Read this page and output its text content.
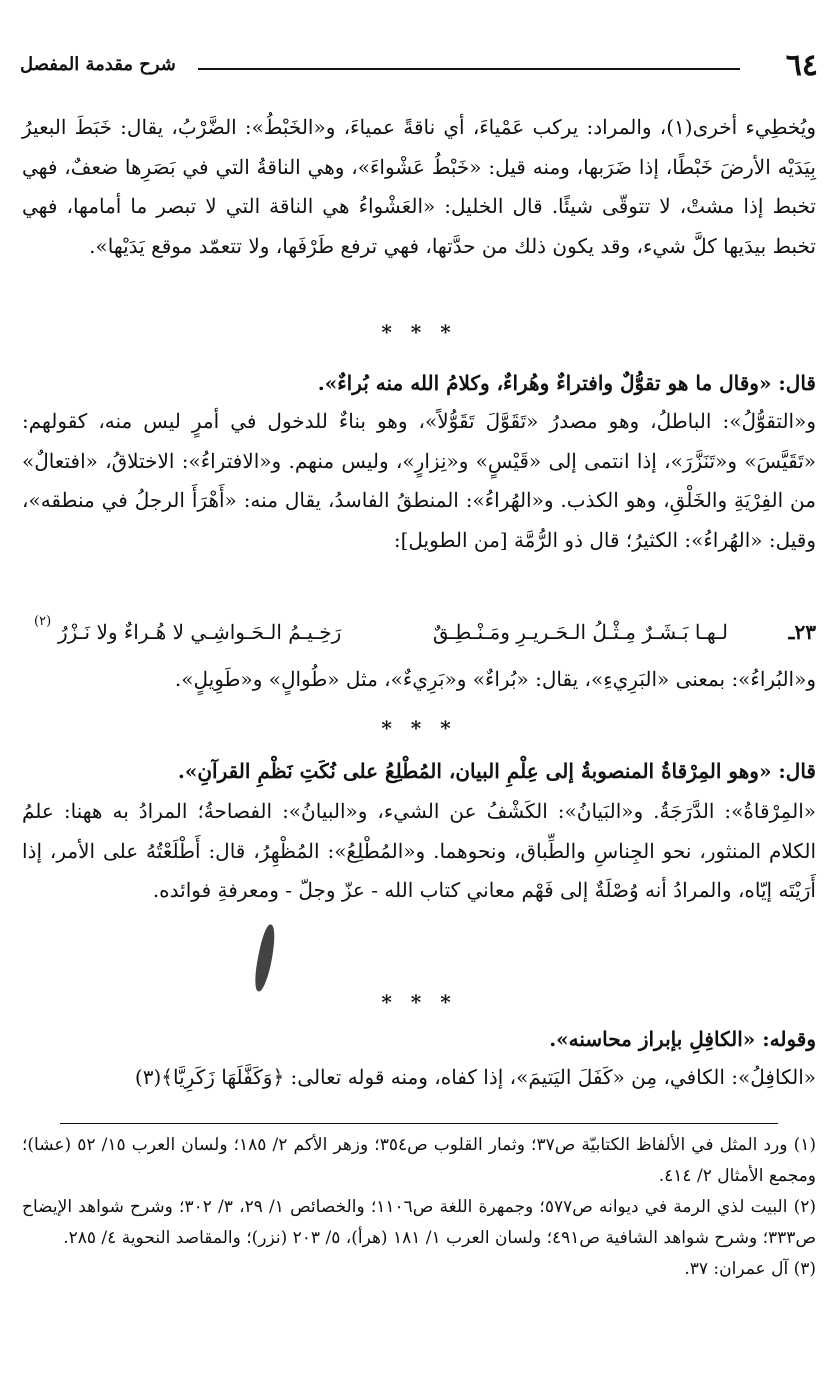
٦٤
شرح مقدمة المفصل

ويُخطِيء أخرى(١)، والمراد: يركب عَمْياءَ، أي ناقةً عمياءَ، و«الخَبْطُ»: الضَّرْبُ، يقال: خَبَطَ البعيرُ بِيَدَيْه الأرضَ خَبْطًا، إذا ضَرَبها، ومنه قيل: «خَبْطُ عَشْواءَ»، وهي الناقةُ التي في بَصَرِها ضعفٌ، فهي تخبط إذا مشتْ، لا تتوقّى شيئًا. قال الخليل: «العَشْواءُ هي الناقة التي لا تبصر ما أمامها، فهي تخبط بيدَيها كلَّ شيء، وقد يكون ذلك من حدَّتها، فهي ترفع طَرْفَها، ولا تتعمّد موقع يَدَيْها».

* * *

قال: «وقال ما هو تقوُّلٌ وافتراءٌ وهُراءٌ، وكلامُ الله منه بُراءٌ».

و«التقوُّلُ»: الباطلُ، وهو مصدرُ «تَقَوَّلَ تَقَوُّلاً»، وهو بناءٌ للدخول في أمرٍ ليس منه، كقولهم: «تَقَيَّسَ» و«تَنَزَّرَ»، إذا انتمى إلى «قَيْسٍ» و«نِزارٍ»، وليس منهم. و«الافتراءُ»: الاختلاقُ، «افتعالٌ» من الفِرْيَةِ والخَلْقِ، وهو الكذب. و«الهُراءُ»: المنطقُ الفاسدُ، يقال منه: «أَهْرَأَ الرجلُ في منطقه»، وقيل: «الهُراءُ»: الكثيرُ؛ قال ذو الرُّمَّة [من الطويل]:

٢٣ـ
لـهـا بَـشَـرٌ مِـثْـلُ الـحَـريـرِ ومَـنْـطِـقٌ
رَخِـيـمُ الـحَـواشِـي لا هُـراءٌ ولا نَـزْرُ
(٢)

و«البُراءُ»: بمعنى «البَرِيءِ»، يقال: «بُراءٌ» و«بَرِيءٌ»، مثل «طُوالٍ» و«طَوِيلٍ».

* * *

قال: «وهو المِرْقاةُ المنصوبةُ إلى عِلْمِ البيان، المُطْلِعُ على نُكَتِ نَظْمِ القرآنِ».

«المِرْقاةُ»: الدَّرَجَةُ. و«البَيانُ»: الكَشْفُ عن الشيء، و«البيانُ»: الفصاحةُ؛ المرادُ به ههنا: علمُ الكلام المنثور، نحو الجِناسِ والطِّباق، ونحوهما. و«المُطْلِعُ»: المُظْهِرُ، قال: أَطْلَعْتُهُ على الأمر، إذا أَرَيْتَه إيّاه، والمرادُ أنه وُصْلَةٌ إلى فَهْم معاني كتاب الله - عزّ وجلّ - ومعرفةِ فوائده.

* * *

وقوله: «الكافِلِ بإبراز محاسنه».

«الكافِلُ»: الكافي، مِن «كَفَلَ اليَتيمَ»، إذا كفاه، ومنه قوله تعالى: ﴿وَكَفَّلَهَا زَكَرِيَّا﴾(٣)

(١) ورد المثل في الألفاظ الكتابيّة ص٣٧؛ وثمار القلوب ص٣٥٤؛ وزهر الأكم ٢/ ١٨٥؛ ولسان العرب ١٥/ ٥٢ (عشا)؛ ومجمع الأمثال ٢/ ٤١٤.

(٢) البيت لذي الرمة في ديوانه ص٥٧٧؛ وجمهرة اللغة ص١١٠٦؛ والخصائص ١/ ٢٩، ٣/ ٣٠٢؛ وشرح شواهد الإيضاح ص٣٣٣؛ وشرح شواهد الشافية ص٤٩١؛ ولسان العرب ١/ ١٨١ (هرأ)، ٥/ ٢٠٣ (نزر)؛ والمقاصد النحوية ٤/ ٢٨٥.

(٣) آل عمران: ٣٧.
